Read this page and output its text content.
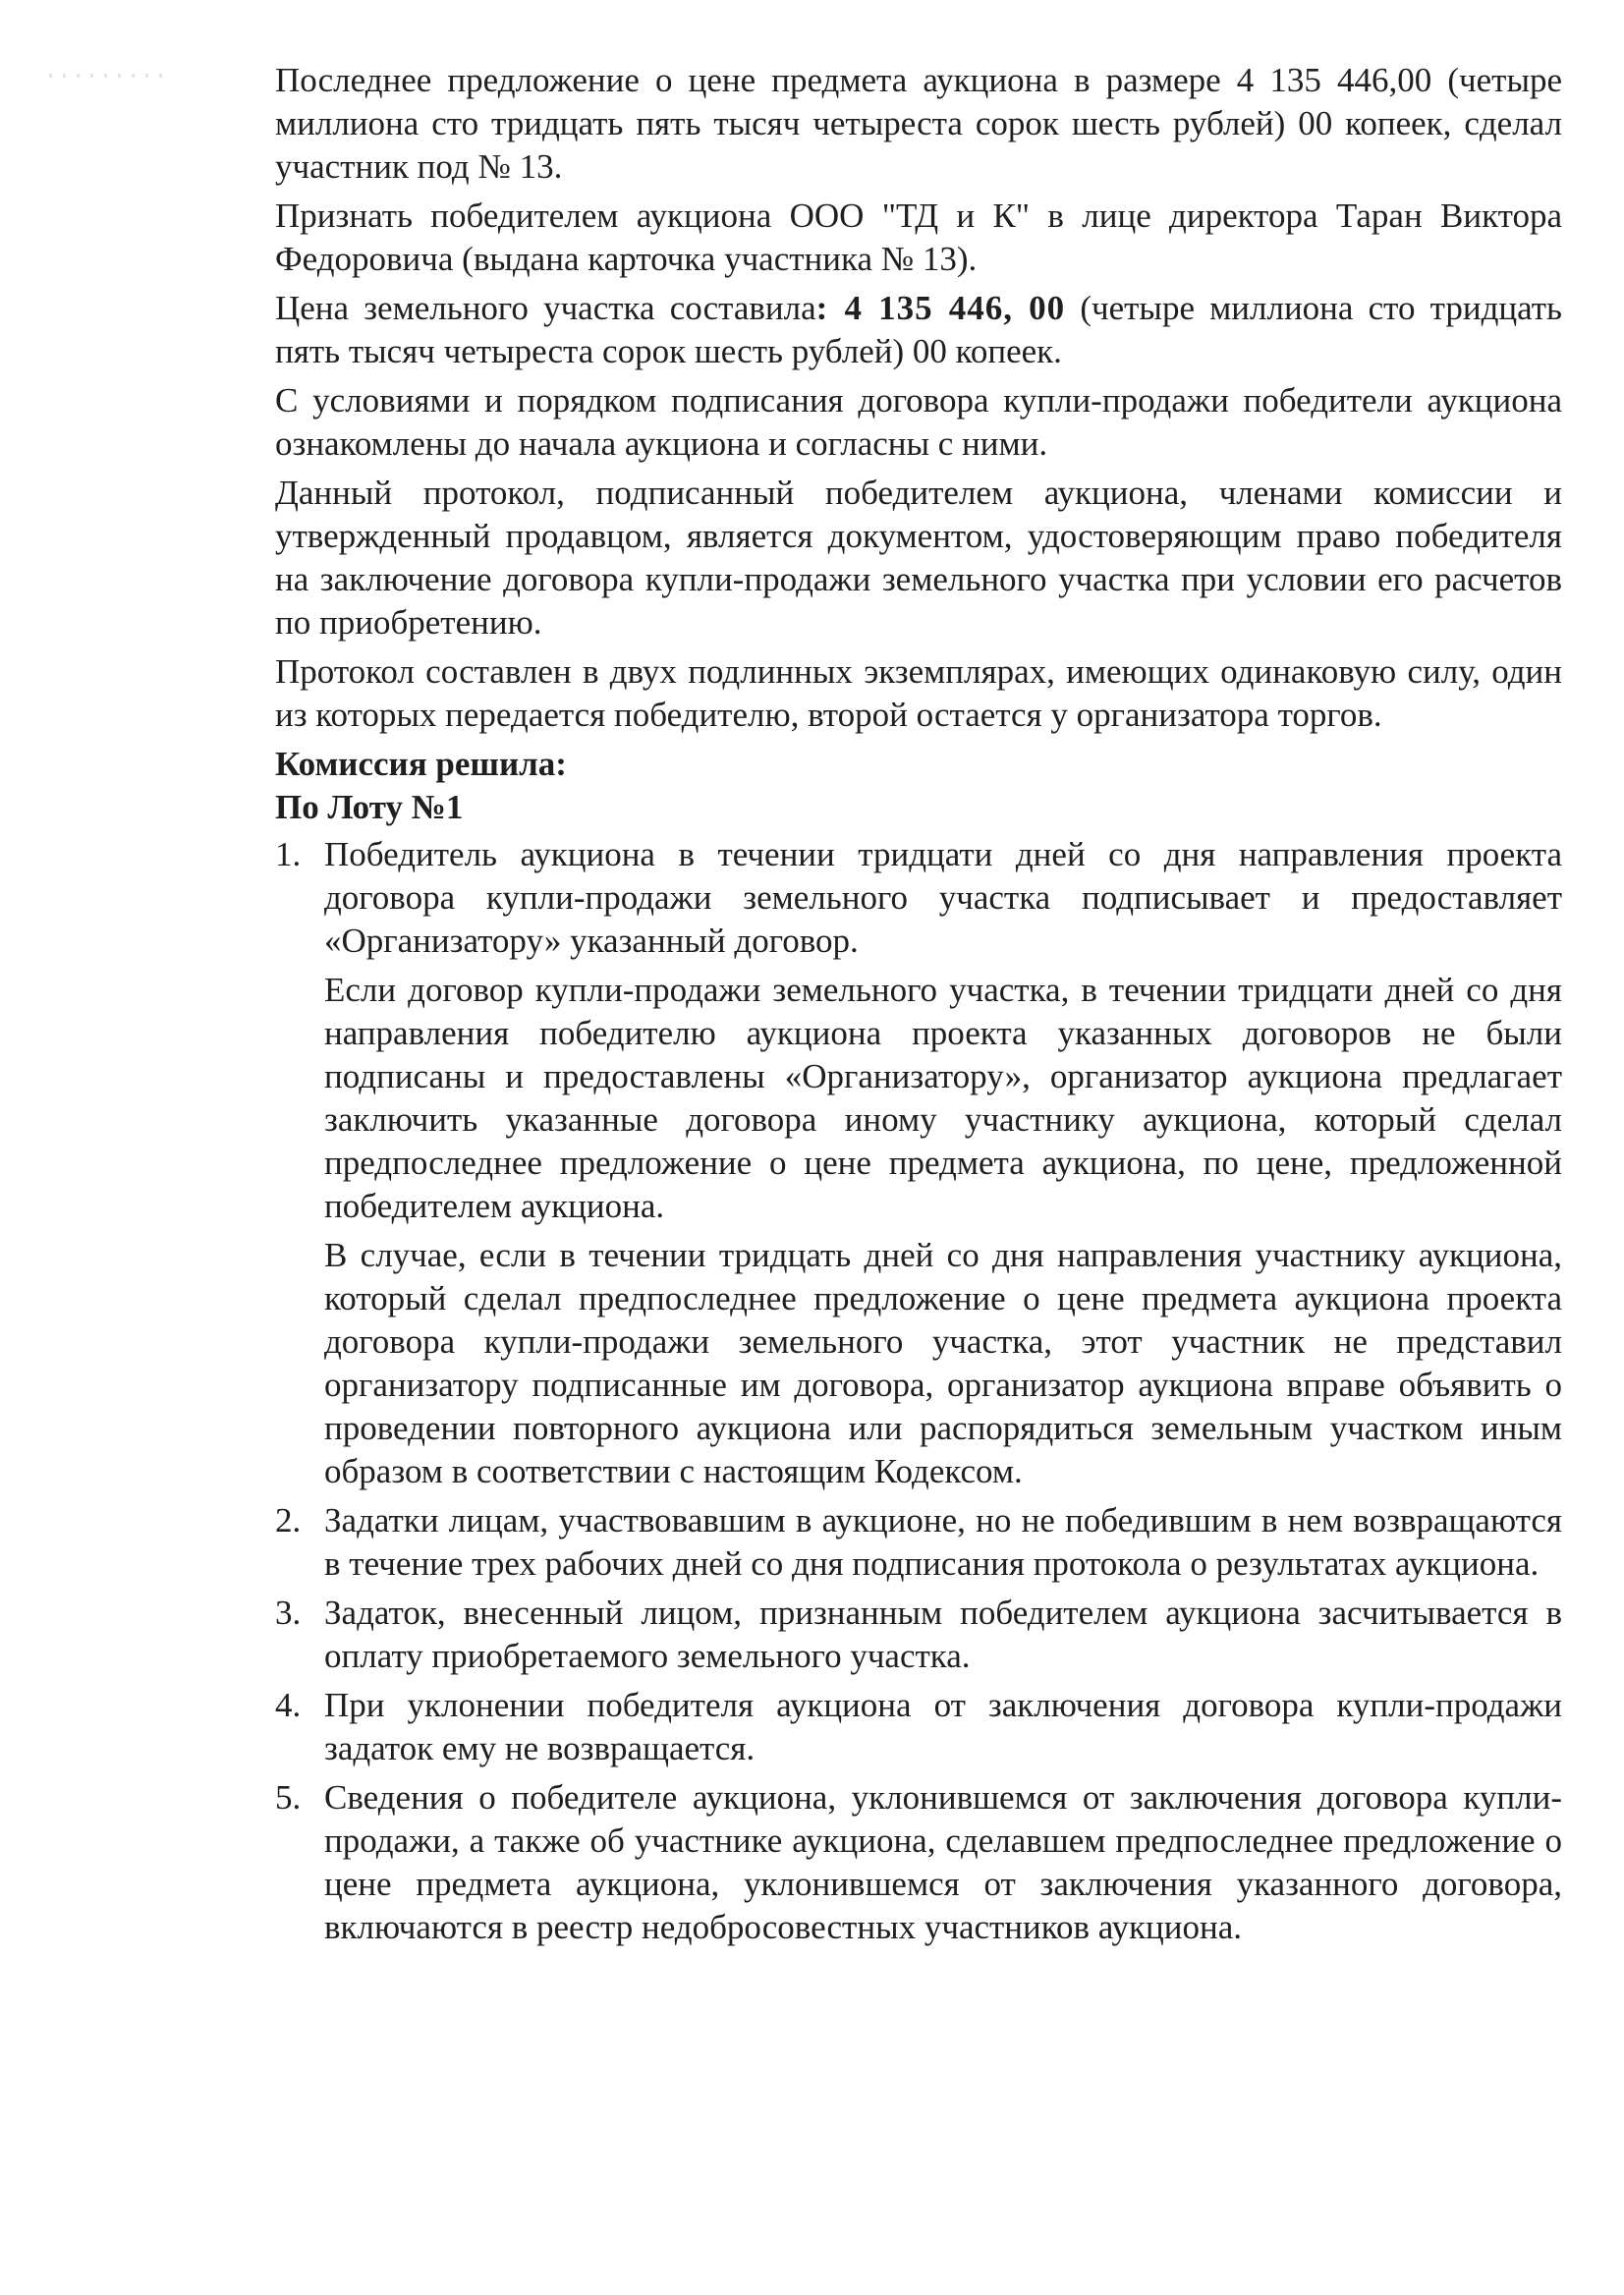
Последнее предложение о цене предмета аукциона в размере 4 135 446,00 (четыре миллиона сто тридцать пять тысяч четыреста сорок шесть рублей) 00 копеек, сделал участник под № 13.

Признать победителем аукциона ООО "ТД и К" в лице директора Таран Виктора Федоровича (выдана карточка участника № 13).

Цена земельного участка составила: 4 135 446, 00 (четыре миллиона сто тридцать пять тысяч четыреста сорок шесть рублей) 00 копеек.

С условиями и порядком подписания договора купли-продажи победители аукциона ознакомлены до начала аукциона и согласны с ними.

Данный протокол, подписанный победителем аукциона, членами комиссии и утвержденный продавцом, является документом, удостоверяющим право победителя на заключение договора купли-продажи земельного участка при условии его расчетов по приобретению.

Протокол составлен в двух подлинных экземплярах, имеющих одинаковую силу, один из которых передается победителю, второй остается у организатора торгов.

Комиссия решила:

По Лоту №1

1. Победитель аукциона в течении тридцати дней со дня направления проекта договора купли-продажи земельного участка подписывает и предоставляет «Организатору» указанный договор.

Если договор купли-продажи земельного участка, в течении тридцати дней со дня направления победителю аукциона проекта указанных договоров не были подписаны и предоставлены «Организатору», организатор аукциона предлагает заключить указанные договора иному участнику аукциона, который сделал предпоследнее предложение о цене предмета аукциона, по цене, предложенной победителем аукциона.

В случае, если в течении тридцать дней со дня направления участнику аукциона, который сделал предпоследнее предложение о цене предмета аукциона проекта договора купли-продажи земельного участка, этот участник не представил организатору подписанные им договора, организатор аукциона вправе объявить о проведении повторного аукциона или распорядиться земельным участком иным образом в соответствии с настоящим Кодексом.

2. Задатки лицам, участвовавшим в аукционе, но не победившим в нем возвращаются в течение трех рабочих дней со дня подписания протокола о результатах аукциона.

3. Задаток, внесенный лицом, признанным победителем аукциона засчитывается в оплату приобретаемого земельного участка.

4. При уклонении победителя аукциона от заключения договора купли-продажи задаток ему не возвращается.

5. Сведения о победителе аукциона, уклонившемся от заключения договора купли-продажи, а также об участнике аукциона, сделавшем предпоследнее предложение о цене предмета аукциона, уклонившемся от заключения указанного договора, включаются в реестр недобросовестных участников аукциона.
